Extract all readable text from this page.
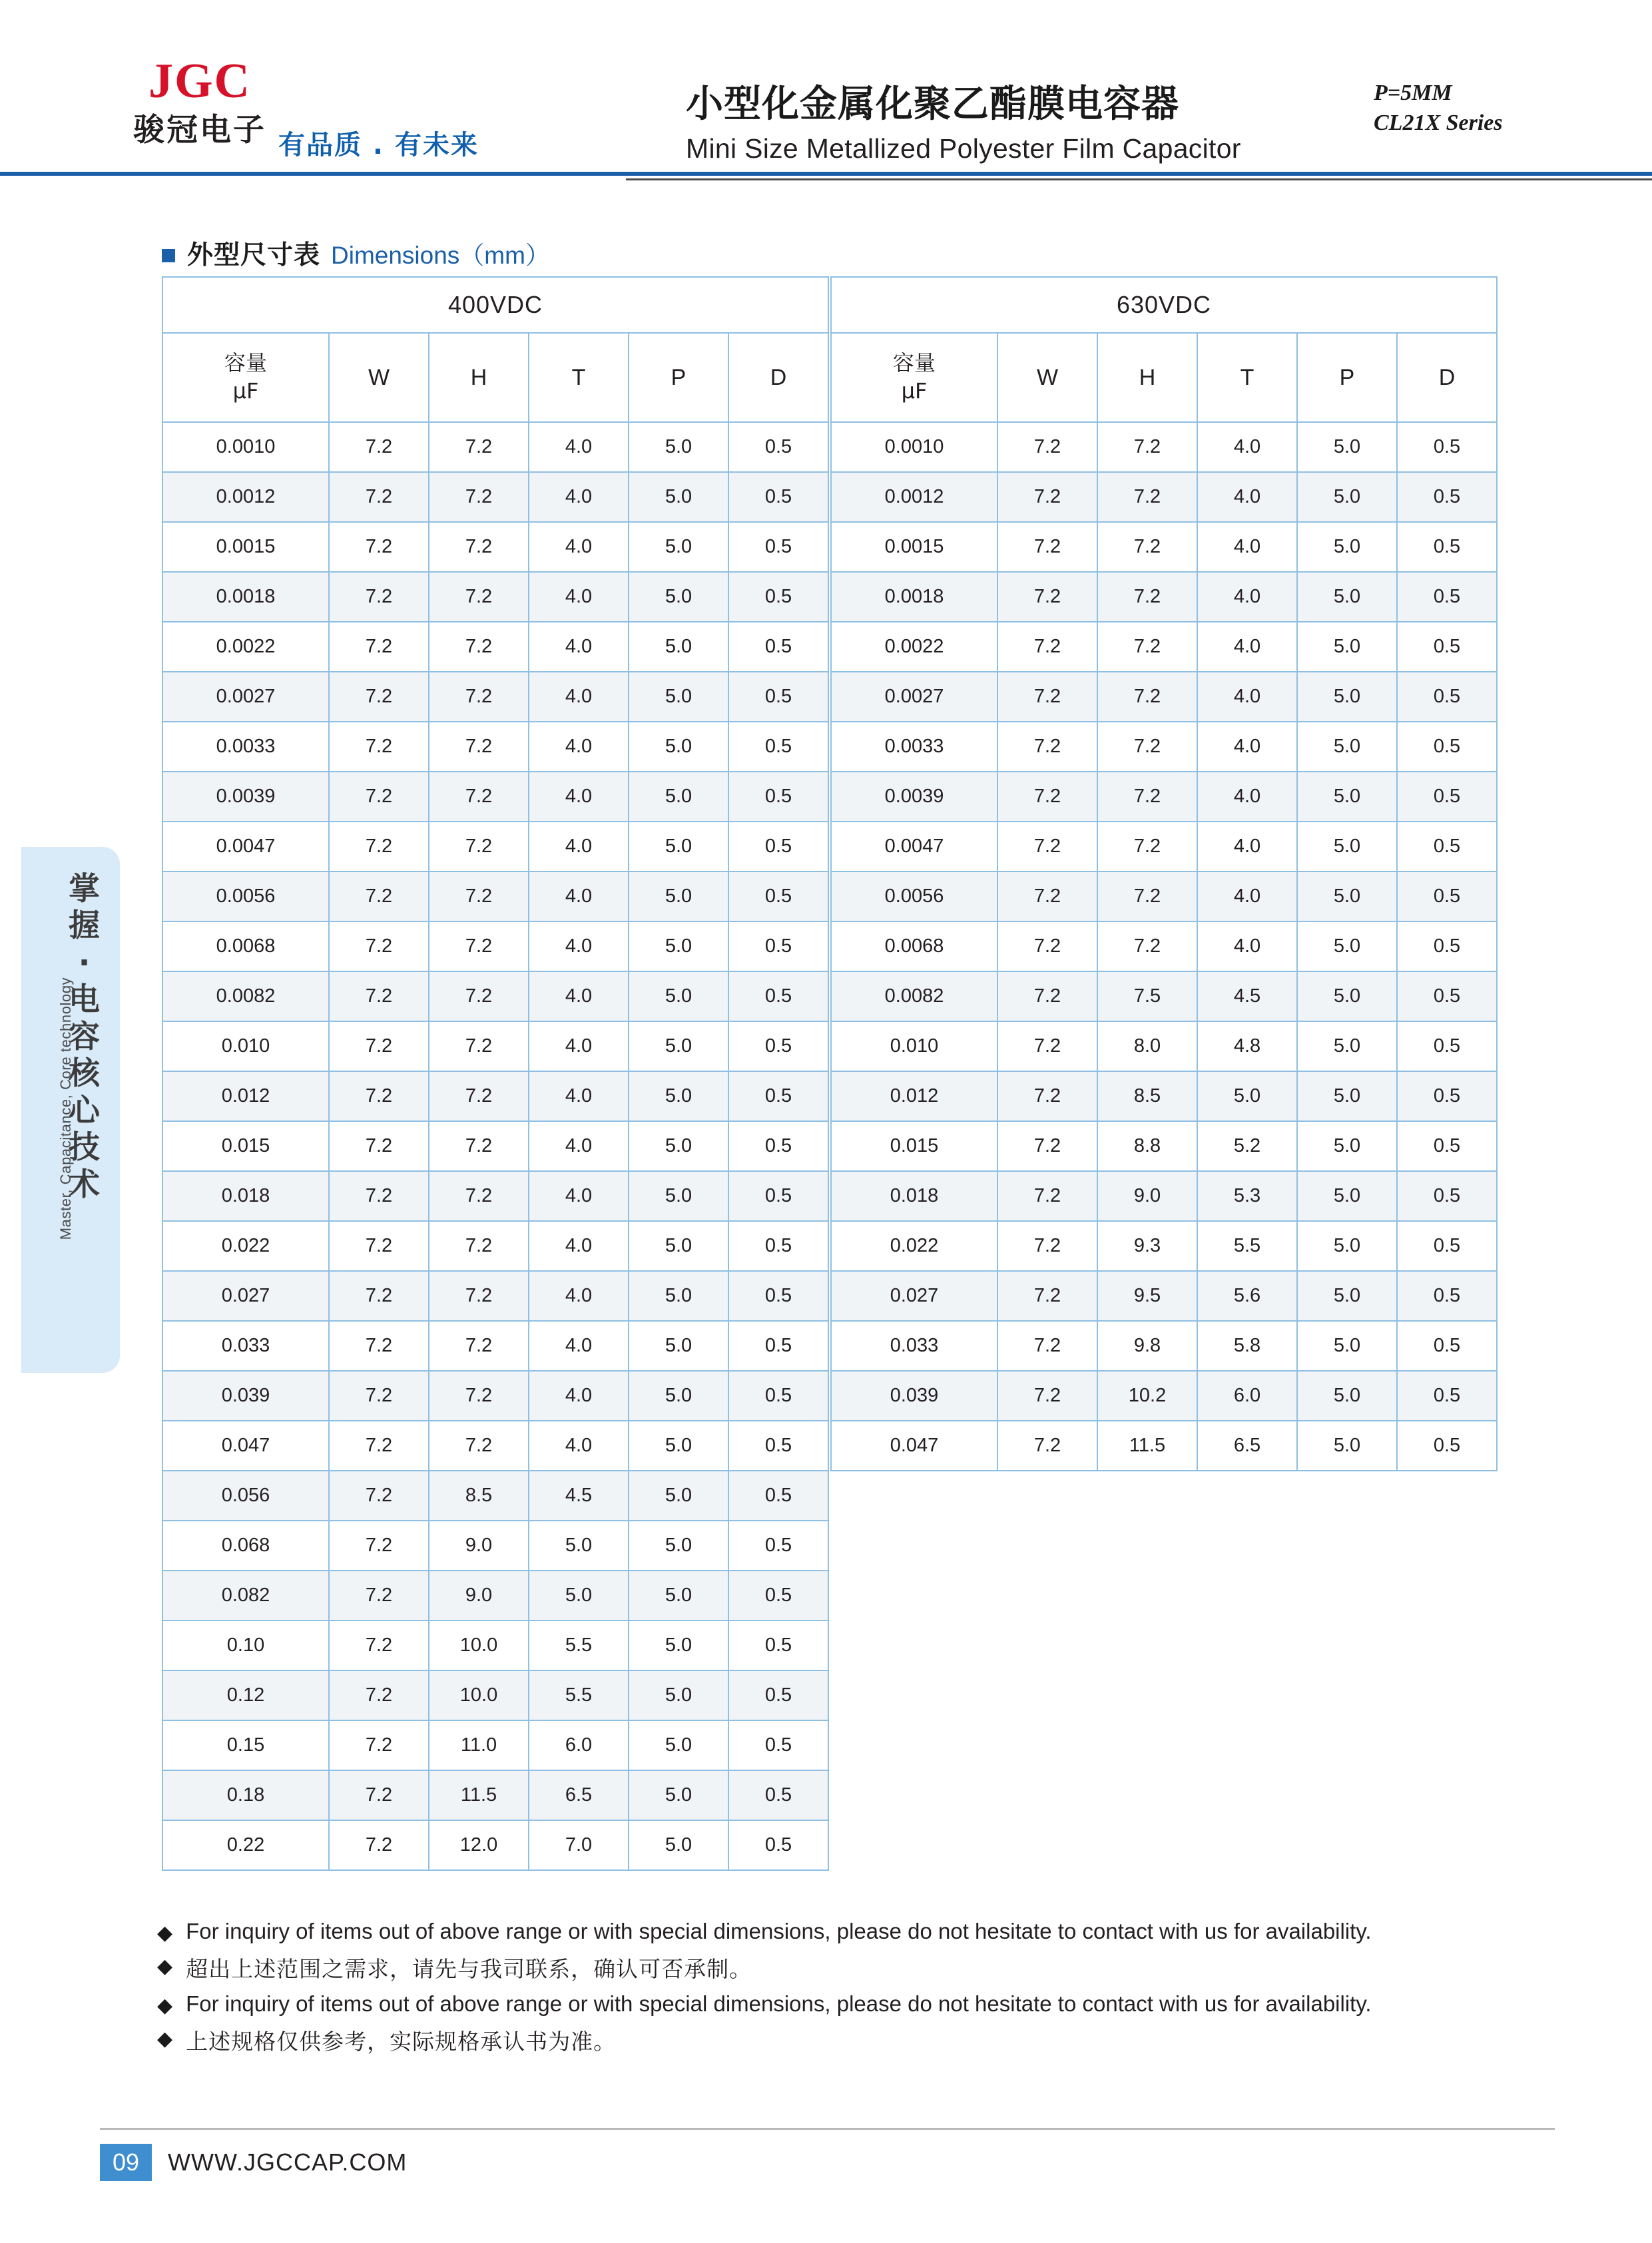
JGC
骏冠电子 有品质 . 有未来
小型化金属化聚乙酯膜电容器	P=5MM
CL21X Series
Mini Size Metallized Polyester Film Capacitor
外型尺寸表 Dimensions（mm）
掌握·电容核心技术
Master, Capacitance, Core technology
400VDC					
容量
μF	W	H	T	P	D
0.0010	7.2	7.2	4.0	5.0	0.5
0.0012	7.2	7.2	4.0	5.0	0.5
0.0015	7.2	7.2	4.0	5.0	0.5
0.0018	7.2	7.2	4.0	5.0	0.5
0.0022	7.2	7.2	4.0	5.0	0.5
0.0027	7.2	7.2	4.0	5.0	0.5
0.0033	7.2	7.2	4.0	5.0	0.5
0.0039	7.2	7.2	4.0	5.0	0.5
0.0047	7.2	7.2	4.0	5.0	0.5
0.0056	7.2	7.2	4.0	5.0	0.5
0.0068	7.2	7.2	4.0	5.0	0.5
0.0082	7.2	7.2	4.0	5.0	0.5
0.010	7.2	7.2	4.0	5.0	0.5
0.012	7.2	7.2	4.0	5.0	0.5
0.015	7.2	7.2	4.0	5.0	0.5
0.018	7.2	7.2	4.0	5.0	0.5
0.022	7.2	7.2	4.0	5.0	0.5
0.027	7.2	7.2	4.0	5.0	0.5
0.033	7.2	7.2	4.0	5.0	0.5
0.039	7.2	7.2	4.0	5.0	0.5
0.047	7.2	7.2	4.0	5.0	0.5
0.056	7.2	8.5	4.5	5.0	0.5
0.068	7.2	9.0	5.0	5.0	0.5
0.082	7.2	9.0	5.0	5.0	0.5
0.10	7.2	10.0	5.5	5.0	0.5
0.12	7.2	10.0	5.5	5.0	0.5
0.15	7.2	11.0	6.0	5.0	0.5
0.18	7.2	11.5	6.5	5.0	0.5
0.22	7.2	12.0	7.0	5.0	0.5
630VDC					
容量
μF	W	H	T	P	D
0.0010	7.2	7.2	4.0	5.0	0.5
0.0012	7.2	7.2	4.0	5.0	0.5
0.0015	7.2	7.2	4.0	5.0	0.5
0.0018	7.2	7.2	4.0	5.0	0.5
0.0022	7.2	7.2	4.0	5.0	0.5
0.0027	7.2	7.2	4.0	5.0	0.5
0.0033	7.2	7.2	4.0	5.0	0.5
0.0039	7.2	7.2	4.0	5.0	0.5
0.0047	7.2	7.2	4.0	5.0	0.5
0.0056	7.2	7.2	4.0	5.0	0.5
0.0068	7.2	7.2	4.0	5.0	0.5
0.0082	7.2	7.5	4.5	5.0	0.5
0.010	7.2	8.0	4.8	5.0	0.5
0.012	7.2	8.5	5.0	5.0	0.5
0.015	7.2	8.8	5.2	5.0	0.5
0.018	7.2	9.0	5.3	5.0	0.5
0.022	7.2	9.3	5.5	5.0	0.5
0.027	7.2	9.5	5.6	5.0	0.5
0.033	7.2	9.8	5.8	5.0	0.5
0.039	7.2	10.2	6.0	5.0	0.5
0.047	7.2	11.5	6.5	5.0	0.5
◆ For inquiry of items out of above range or with special dimensions, please do not hesitate to contact with us for availability.
◆ 超出上述范围之需求，请先与我司联系，确认可否承制。
◆ For inquiry of items out of above range or with special dimensions, please do not hesitate to contact with us for availability.
◆ 上述规格仅供参考，实际规格承认书为准。
09	WWW.JGCCAP.COM
